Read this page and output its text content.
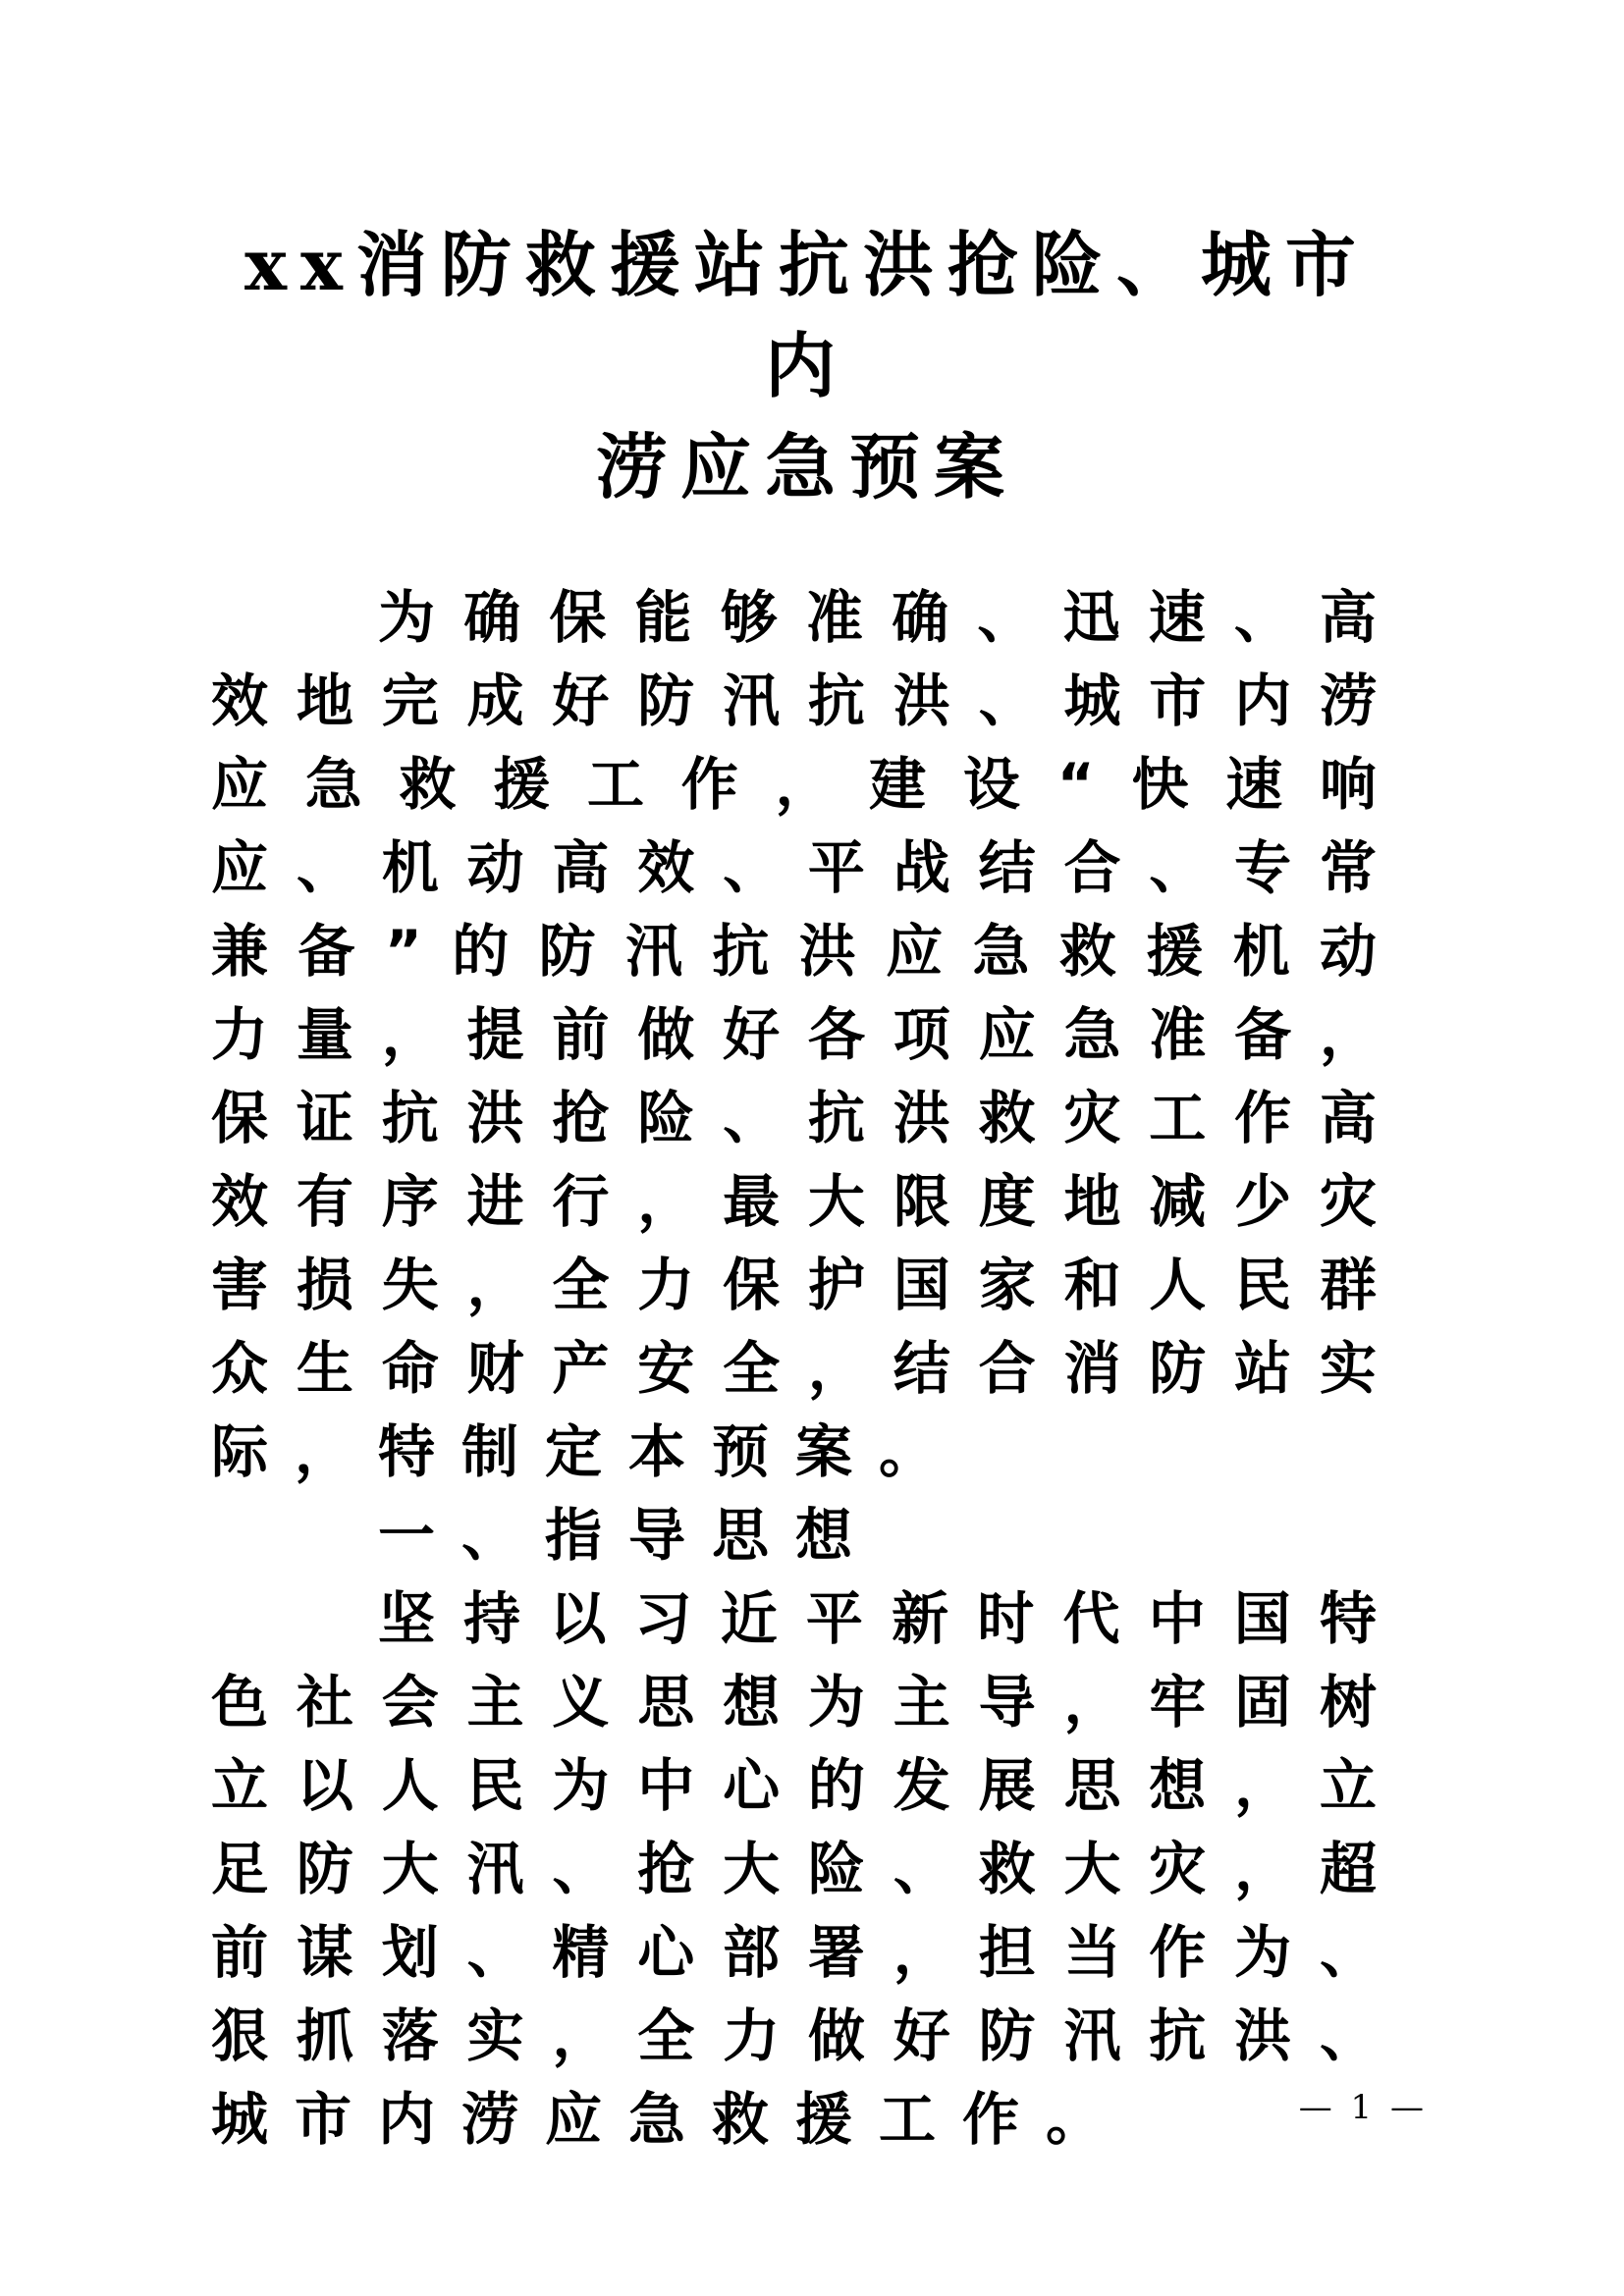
xx消防救援站抗洪抢险、城市内
涝应急预案

为确保能够准确、迅速、高效地完成好防汛抗洪、城市内涝应急救援工作，建设“快速响应、机动高效、平战结合、专常兼备”的防汛抗洪应急救援机动力量，提前做好各项应急准备，保证抗洪抢险、抗洪救灾工作高效有序进行，最大限度地减少灾害损失，全力保护国家和人民群众生命财产安全，结合消防站实际，特制定本预案。

一、指导思想

坚持以习近平新时代中国特色社会主义思想为主导，牢固树立以人民为中心的发展思想，立足防大汛、抢大险、救大灾，超前谋划、精心部署，担当作为、狠抓落实，全力做好防汛抗洪、城市内涝应急救援工作。	— 1 —
